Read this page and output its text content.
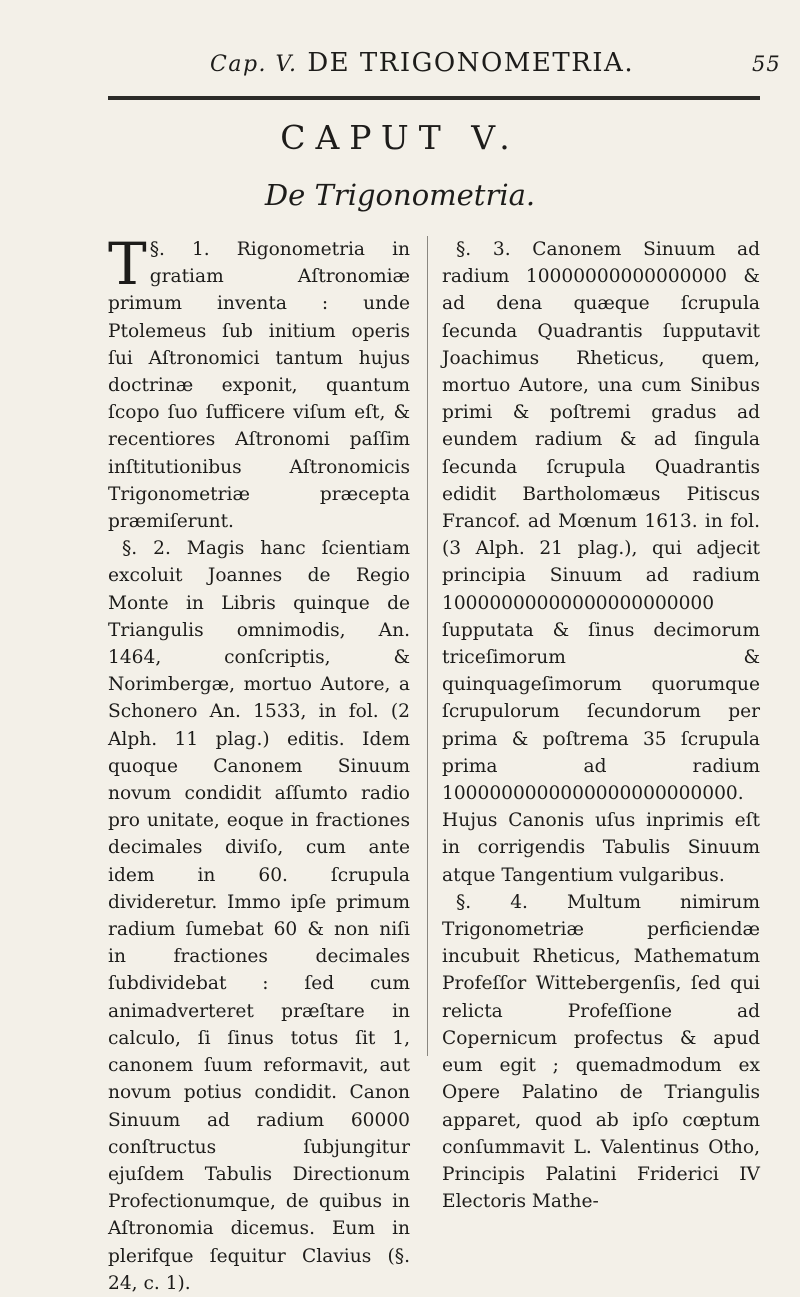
Cap. V. DE TRIGONOMETRIA.	55
CAPUT V.
De Trigonometria.

§. 1.
T	Rigonometria in gratiam Aſtronomiæ primum inventa : unde Ptolemeus ſub initium operis ſui Aſtronomici tantum hujus doctrinæ exponit, quantum ſcopo ſuo ſufficere viſum eſt, & recentiores Aſtronomi paſſim inſtitutionibus Aſtronomicis Trigonometriæ præcepta præmiſerunt.

§. 2. Magis hanc ſcientiam excoluit Joannes de Regio Monte in Libris quinque de Triangulis omnimodis, An. 1464, conſcriptis, & Norimbergæ, mortuo Autore, a Schonero An. 1533, in fol. (2 Alph. 11 plag.) editis. Idem quoque Canonem Sinuum novum condidit aſſumto radio pro unitate, eoque in fractiones decimales diviſo, cum ante idem in 60. ſcrupula divideretur. Immo ipſe primum radium ſumebat 60 & non niſi in fractiones decimales ſubdividebat : ſed cum animadverteret præſtare in calculo, ſi ſinus totus ſit 1, canonem ſuum reformavit, aut novum potius condidit. Canon Sinuum ad radium 60000 conſtructus ſubjungitur ejuſdem Tabulis Directionum Profectionumque, de quibus in Aſtronomia dicemus. Eum in plerifque ſequitur Clavius (§. 24, c. 1).

§. 3. Canonem Sinuum ad radium 10000000000000000 & ad dena quæque ſcrupula ſecunda Quadrantis ſupputavit Joachimus Rheticus, quem, mortuo Autore, una cum Sinibus primi & poſtremi gradus ad eundem radium & ad ſingula ſecunda ſcrupula Quadrantis edidit Bartholomæus Pitiscus Francof. ad Mœnum 1613. in fol. (3 Alph. 21 plag.), qui adjecit principia Sinuum ad radium 10000000000000000000000 ſupputata & ſinus decimorum triceſimorum & quinquageſimorum quorumque ſcrupulorum ſecundorum per prima & poſtrema 35 ſcrupula prima ad radium 1000000000000000000000000. Hujus Canonis uſus inprimis eſt in corrigendis Tabulis Sinuum atque Tangentium vulgaribus.

§. 4. Multum nimirum Trigonometriæ perficiendæ incubuit Rheticus, Mathematum Profeſſor Wittebergenſis, ſed qui relicta Profeſſione ad Copernicum profectus & apud eum egit ; quemadmodum ex Opere Palatino de Triangulis apparet, quod ab ipſo cœptum conſummavit L. Valentinus Otho, Principis Palatini Friderici IV Electoris Mathe-
